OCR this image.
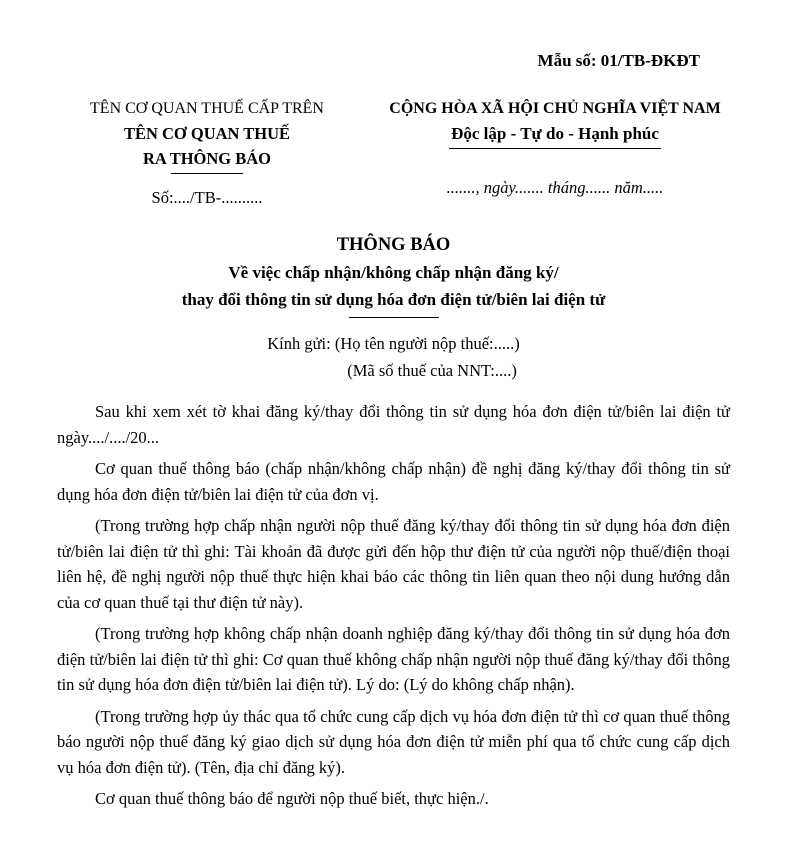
Mẫu số: 01/TB-ĐKĐT
TÊN CƠ QUAN THUẾ CẤP TRÊN
TÊN CƠ QUAN THUẾ
RA THÔNG BÁO
Số:..../TB-..........
CỘNG HÒA XÃ HỘI CHỦ NGHĨA VIỆT NAM
Độc lập - Tự do - Hạnh phúc
......., ngày....... tháng...... năm.....
THÔNG BÁO
Về việc chấp nhận/không chấp nhận đăng ký/
thay đổi thông tin sử dụng hóa đơn điện tử/biên lai điện tử
Kính gửi: (Họ tên người nộp thuế:.....)
(Mã số thuế của NNT:....)

Sau khi xem xét tờ khai đăng ký/thay đổi thông tin sử dụng hóa đơn điện tử/biên lai điện tử ngày..../..../20...

Cơ quan thuế thông báo (chấp nhận/không chấp nhận) đề nghị đăng ký/thay đổi thông tin sử dụng hóa đơn điện tử/biên lai điện tử của đơn vị.

(Trong trường hợp chấp nhận người nộp thuế đăng ký/thay đổi thông tin sử dụng hóa đơn điện tử/biên lai điện tử thì ghi: Tài khoản đã được gửi đến hộp thư điện tử của người nộp thuế/điện thoại liên hệ, đề nghị người nộp thuế thực hiện khai báo các thông tin liên quan theo nội dung hướng dẫn của cơ quan thuế tại thư điện tử này).

(Trong trường hợp không chấp nhận doanh nghiệp đăng ký/thay đổi thông tin sử dụng hóa đơn điện tử/biên lai điện tử thì ghi: Cơ quan thuế không chấp nhận người nộp thuế đăng ký/thay đổi thông tin sử dụng hóa đơn điện tử/biên lai điện tử). Lý do: (Lý do không chấp nhận).

(Trong trường hợp ủy thác qua tổ chức cung cấp dịch vụ hóa đơn điện tử thì cơ quan thuế thông báo người nộp thuế đăng ký giao dịch sử dụng hóa đơn điện tử miễn phí qua tổ chức cung cấp dịch vụ hóa đơn điện tử). (Tên, địa chỉ đăng ký).

Cơ quan thuế thông báo để người nộp thuế biết, thực hiện./.
